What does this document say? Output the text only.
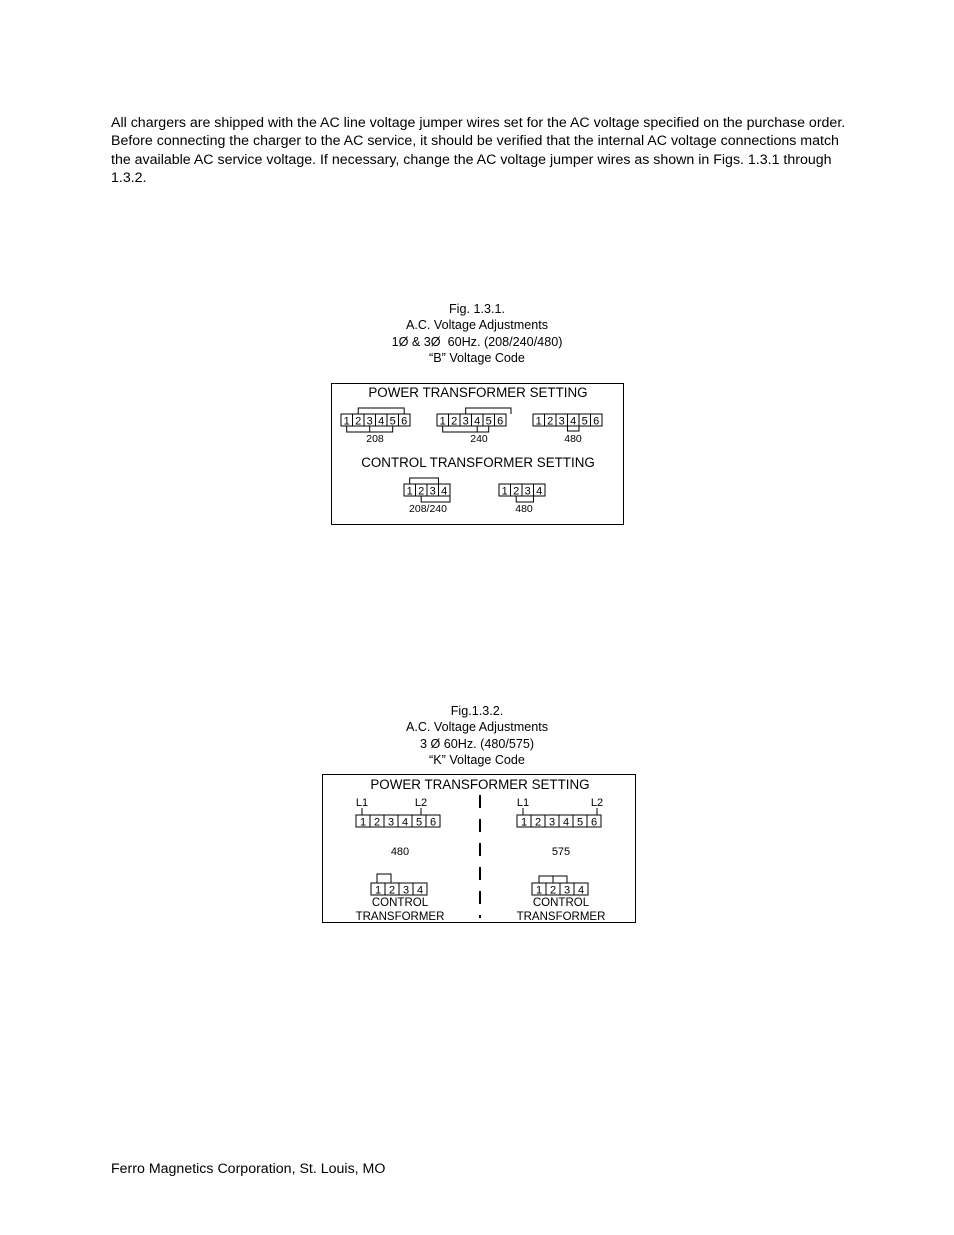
All chargers are shipped with the AC line voltage jumper wires set for the AC voltage specified on the purchase order. Before connecting the charger to the AC service, it should be verified that the internal AC voltage connections match the available AC service voltage. If necessary, change the AC voltage jumper wires as shown in Figs. 1.3.1 through 1.3.2.

Fig. 1.3.1.
A.C. Voltage Adjustments
1Ø & 3Ø  60Hz. (208/240/480)
“B” Voltage Code
POWER TRANSFORMER SETTING
1 2 3 4 5 6
208
1 2 3 4 5 6
240
1 2 3 4 5 6
480
CONTROL TRANSFORMER SETTING
1 2 3 4
208/240
1 2 3 4
480
Fig.1.3.2.
A.C. Voltage Adjustments
3 Ø 60Hz. (480/575)
“K” Voltage Code
POWER TRANSFORMER SETTING
L1	L2
1 2 3 4 5 6
480
1 2 3 4
CONTROL
TRANSFORMER
L1	L2
1 2 3 4 5 6
575
1 2 3 4
CONTROL
TRANSFORMER
Ferro Magnetics Corporation, St. Louis, MO
